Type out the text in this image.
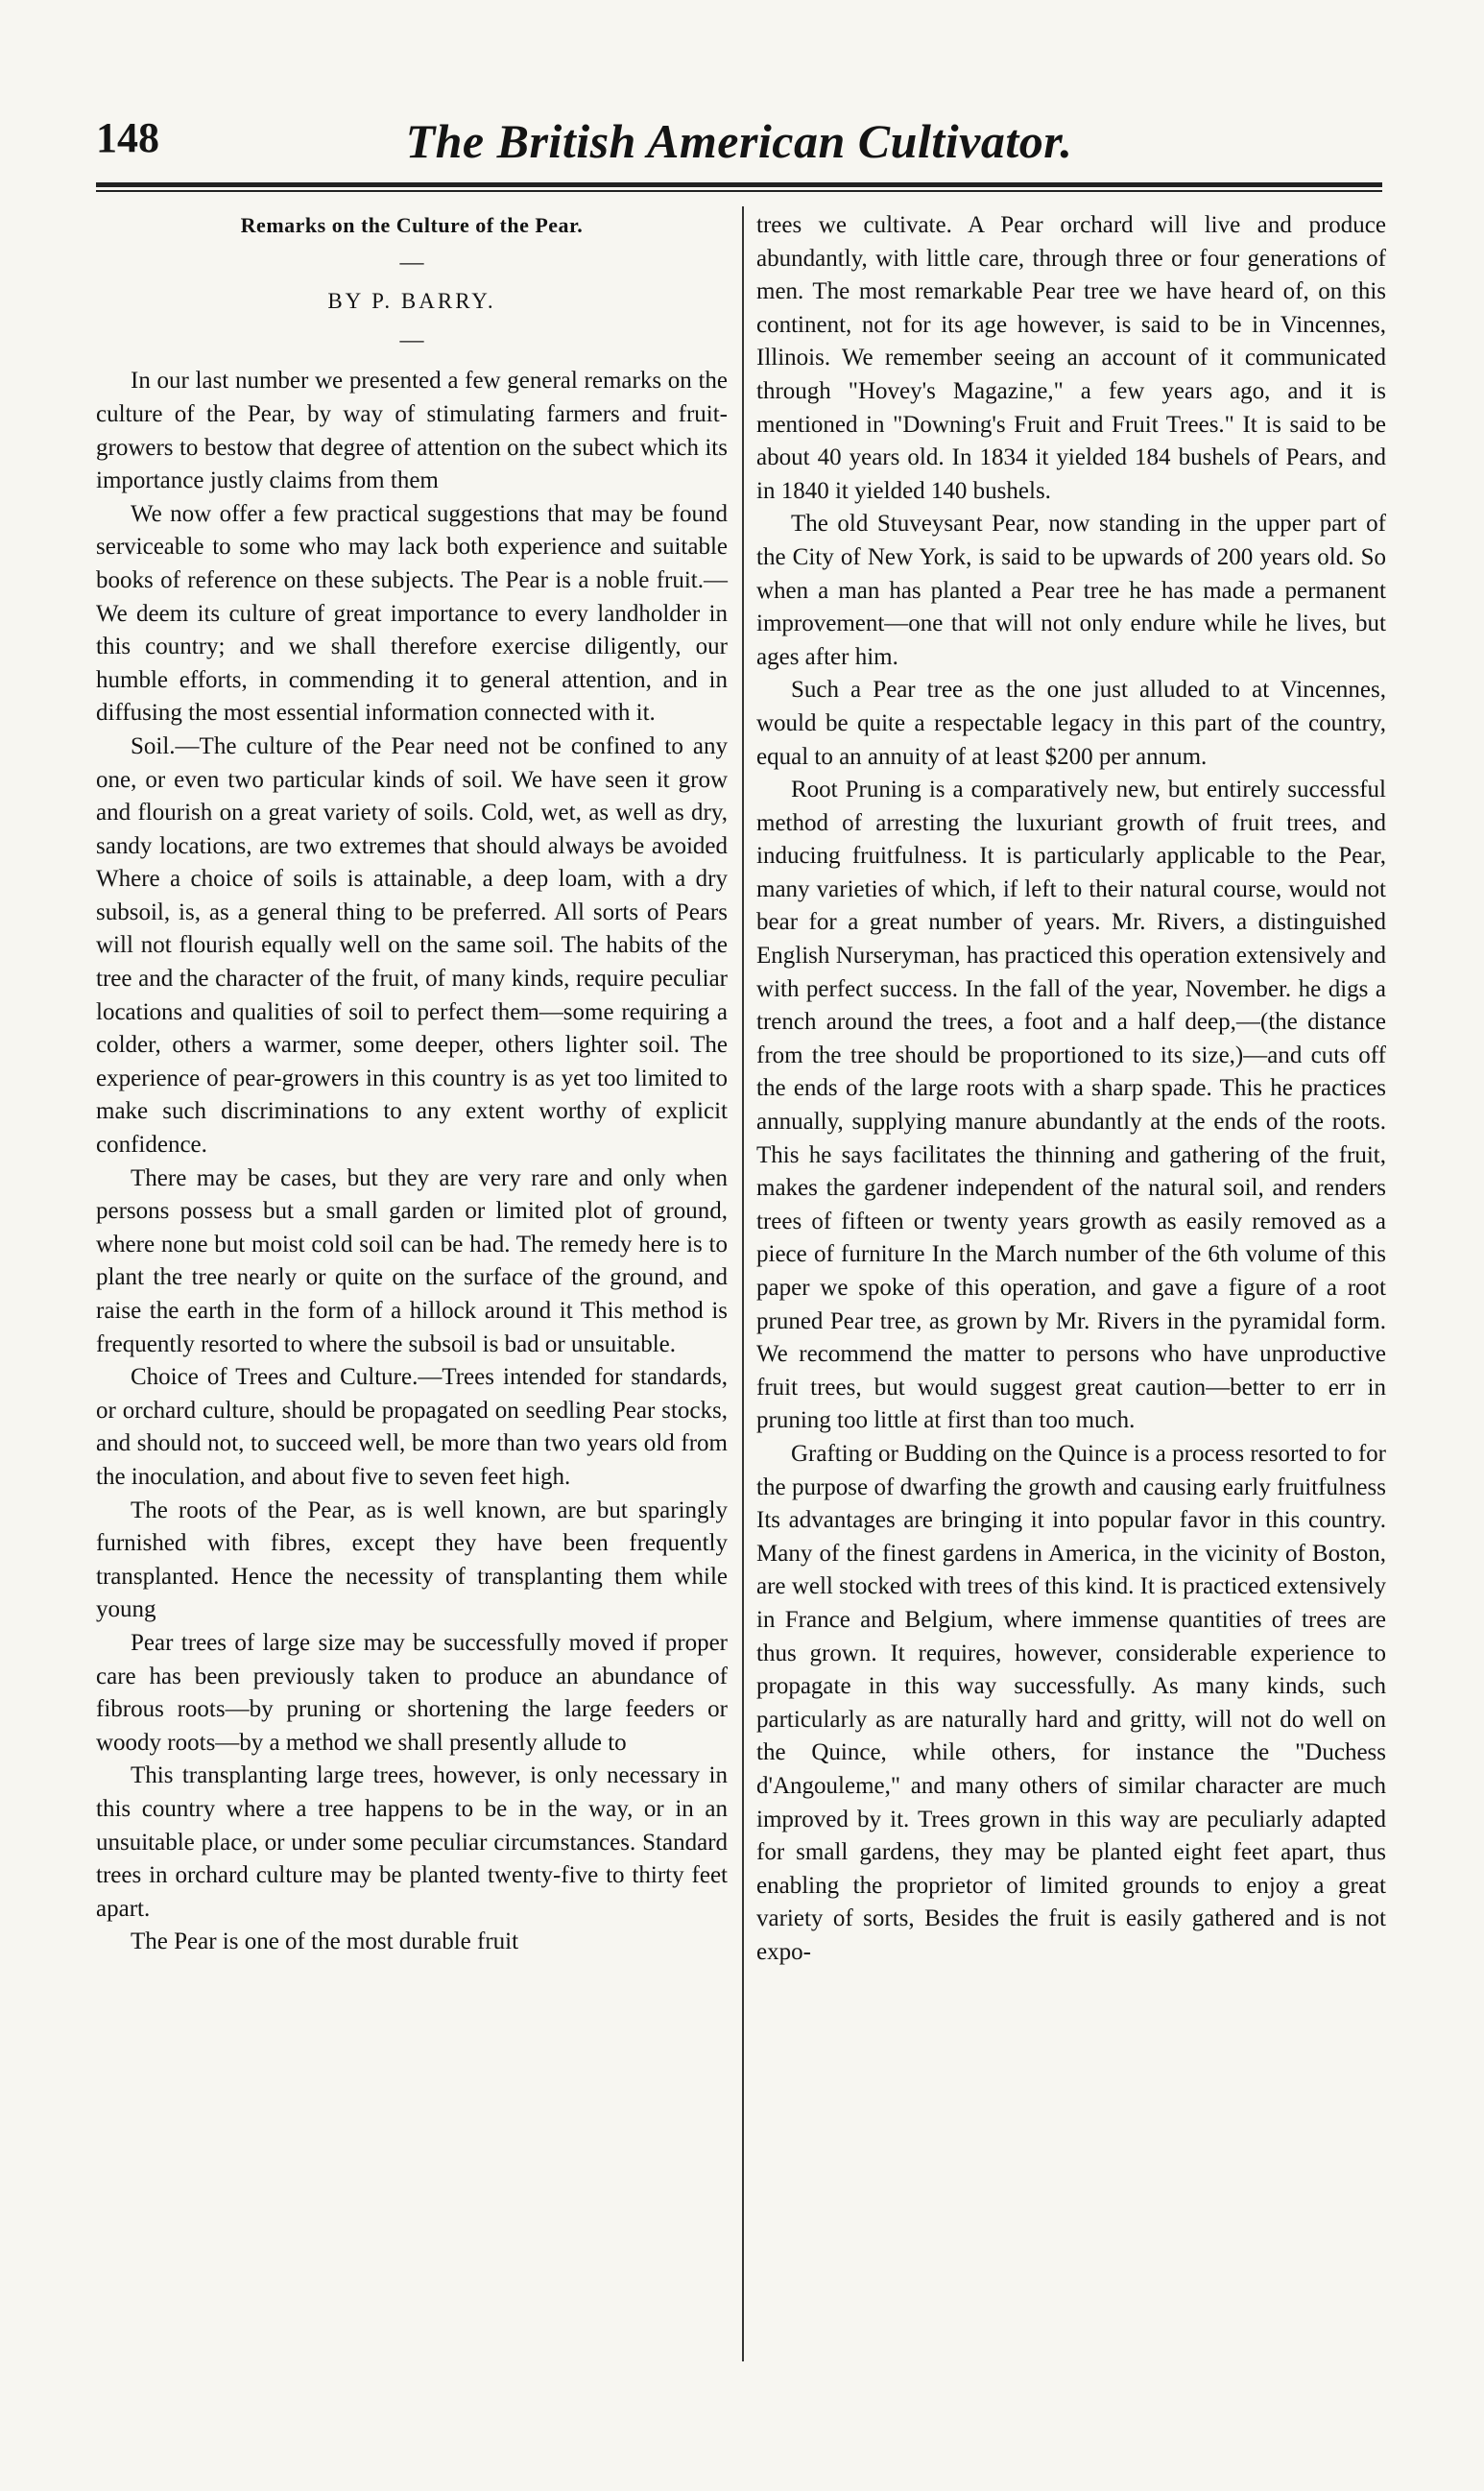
148	The British American Cultivator.

Remarks on the Culture of the Pear.

—

BY P. BARRY.

—

In our last number we presented a few general remarks on the culture of the Pear, by way of stimulating farmers and fruit-growers to bestow that degree of attention on the subect which its importance justly claims from them

We now offer a few practical suggestions that may be found serviceable to some who may lack both experience and suitable books of reference on these subjects. The Pear is a noble fruit.— We deem its culture of great importance to every landholder in this country; and we shall therefore exercise diligently, our humble efforts, in commending it to general attention, and in diffusing the most essential information connected with it.

Soil.—The culture of the Pear need not be confined to any one, or even two particular kinds of soil. We have seen it grow and flourish on a great variety of soils. Cold, wet, as well as dry, sandy locations, are two extremes that should always be avoided Where a choice of soils is attainable, a deep loam, with a dry subsoil, is, as a general thing to be preferred. All sorts of Pears will not flourish equally well on the same soil. The habits of the tree and the character of the fruit, of many kinds, require peculiar locations and qualities of soil to perfect them—some requiring a colder, others a warmer, some deeper, others lighter soil. The experience of pear-growers in this country is as yet too limited to make such discriminations to any extent worthy of explicit confidence.

There may be cases, but they are very rare and only when persons possess but a small garden or limited plot of ground, where none but moist cold soil can be had. The remedy here is to plant the tree nearly or quite on the surface of the ground, and raise the earth in the form of a hillock around it This method is frequently resorted to where the subsoil is bad or unsuitable.

Choice of Trees and Culture.—Trees intended for standards, or orchard culture, should be propagated on seedling Pear stocks, and should not, to succeed well, be more than two years old from the inoculation, and about five to seven feet high.

The roots of the Pear, as is well known, are but sparingly furnished with fibres, except they have been frequently transplanted. Hence the necessity of transplanting them while young

Pear trees of large size may be successfully moved if proper care has been previously taken to produce an abundance of fibrous roots—by pruning or shortening the large feeders or woody roots—by a method we shall presently allude to

This transplanting large trees, however, is only necessary in this country where a tree happens to be in the way, or in an unsuitable place, or under some peculiar circumstances. Standard trees in orchard culture may be planted twenty-five to thirty feet apart.

The Pear is one of the most durable fruit

trees we cultivate. A Pear orchard will live and produce abundantly, with little care, through three or four generations of men. The most remarkable Pear tree we have heard of, on this continent, not for its age however, is said to be in Vincennes, Illinois. We remember seeing an account of it communicated through "Hovey's Magazine," a few years ago, and it is mentioned in "Downing's Fruit and Fruit Trees." It is said to be about 40 years old. In 1834 it yielded 184 bushels of Pears, and in 1840 it yielded 140 bushels.

The old Stuveysant Pear, now standing in the upper part of the City of New York, is said to be upwards of 200 years old. So when a man has planted a Pear tree he has made a permanent improvement—one that will not only endure while he lives, but ages after him.

Such a Pear tree as the one just alluded to at Vincennes, would be quite a respectable legacy in this part of the country, equal to an annuity of at least $200 per annum.

Root Pruning is a comparatively new, but entirely successful method of arresting the luxuriant growth of fruit trees, and inducing fruitfulness. It is particularly applicable to the Pear, many varieties of which, if left to their natural course, would not bear for a great number of years. Mr. Rivers, a distinguished English Nurseryman, has practiced this operation extensively and with perfect success. In the fall of the year, November. he digs a trench around the trees, a foot and a half deep,—(the distance from the tree should be proportioned to its size,)—and cuts off the ends of the large roots with a sharp spade. This he practices annually, supplying manure abundantly at the ends of the roots. This he says facilitates the thinning and gathering of the fruit, makes the gardener independent of the natural soil, and renders trees of fifteen or twenty years growth as easily removed as a piece of furniture In the March number of the 6th volume of this paper we spoke of this operation, and gave a figure of a root pruned Pear tree, as grown by Mr. Rivers in the pyramidal form. We recommend the matter to persons who have unproductive fruit trees, but would suggest great caution—better to err in pruning too little at first than too much.

Grafting or Budding on the Quince is a process resorted to for the purpose of dwarfing the growth and causing early fruitfulness Its advantages are bringing it into popular favor in this country. Many of the finest gardens in America, in the vicinity of Boston, are well stocked with trees of this kind. It is practiced extensively in France and Belgium, where immense quantities of trees are thus grown. It requires, however, considerable experience to propagate in this way successfully. As many kinds, such particularly as are naturally hard and gritty, will not do well on the Quince, while others, for instance the "Duchess d'Angouleme," and many others of similar character are much improved by it. Trees grown in this way are peculiarly adapted for small gardens, they may be planted eight feet apart, thus enabling the proprietor of limited grounds to enjoy a great variety of sorts, Besides the fruit is easily gathered and is not expo-
